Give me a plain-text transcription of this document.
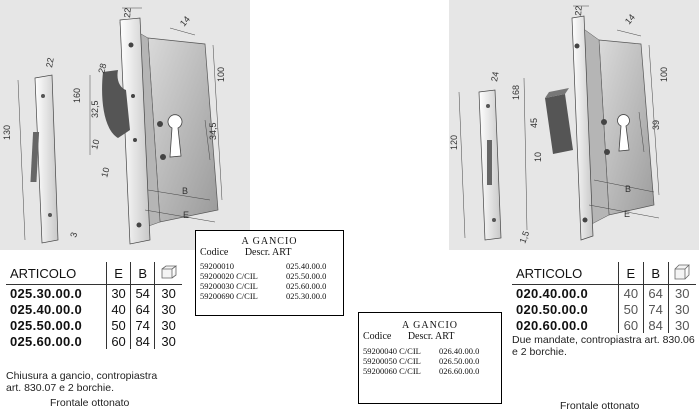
22
14
28
160
100
22
32,5
130
10
34,5
10
3
B
E
22
14
24
168
100
120
45	39
10
1,5
B
E
ARTICOLO	E	B	
025.30.00.0	30	54	30
025.40.00.0	40	64	30
025.50.00.0	50	74	30
025.60.00.0	60	84	30
Chiusura a gancio, contropiastra
art. 830.07 e 2 borchie.
Frontale ottonato
A GANCIO
Codice Descr. ART
59200010	025.40.00.0
59200020 C/CIL	025.50.00.0
59200030 C/CIL	025.60.00.0
59200690 C/CIL	025.30.00.0
A GANCIO
Codice Descr. ART
59200040 C/CIL 026.40.00.0
59200050 C/CIL 026.50.00.0
59200060 C/CIL 026.60.00.0
ARTICOLO	E	B	
020.40.00.0	40	64	30
020.50.00.0	50	74	30
020.60.00.0	60	84	30
Due mandate, contropiastra art. 830.06
e 2 borchie.
Frontale ottonato
